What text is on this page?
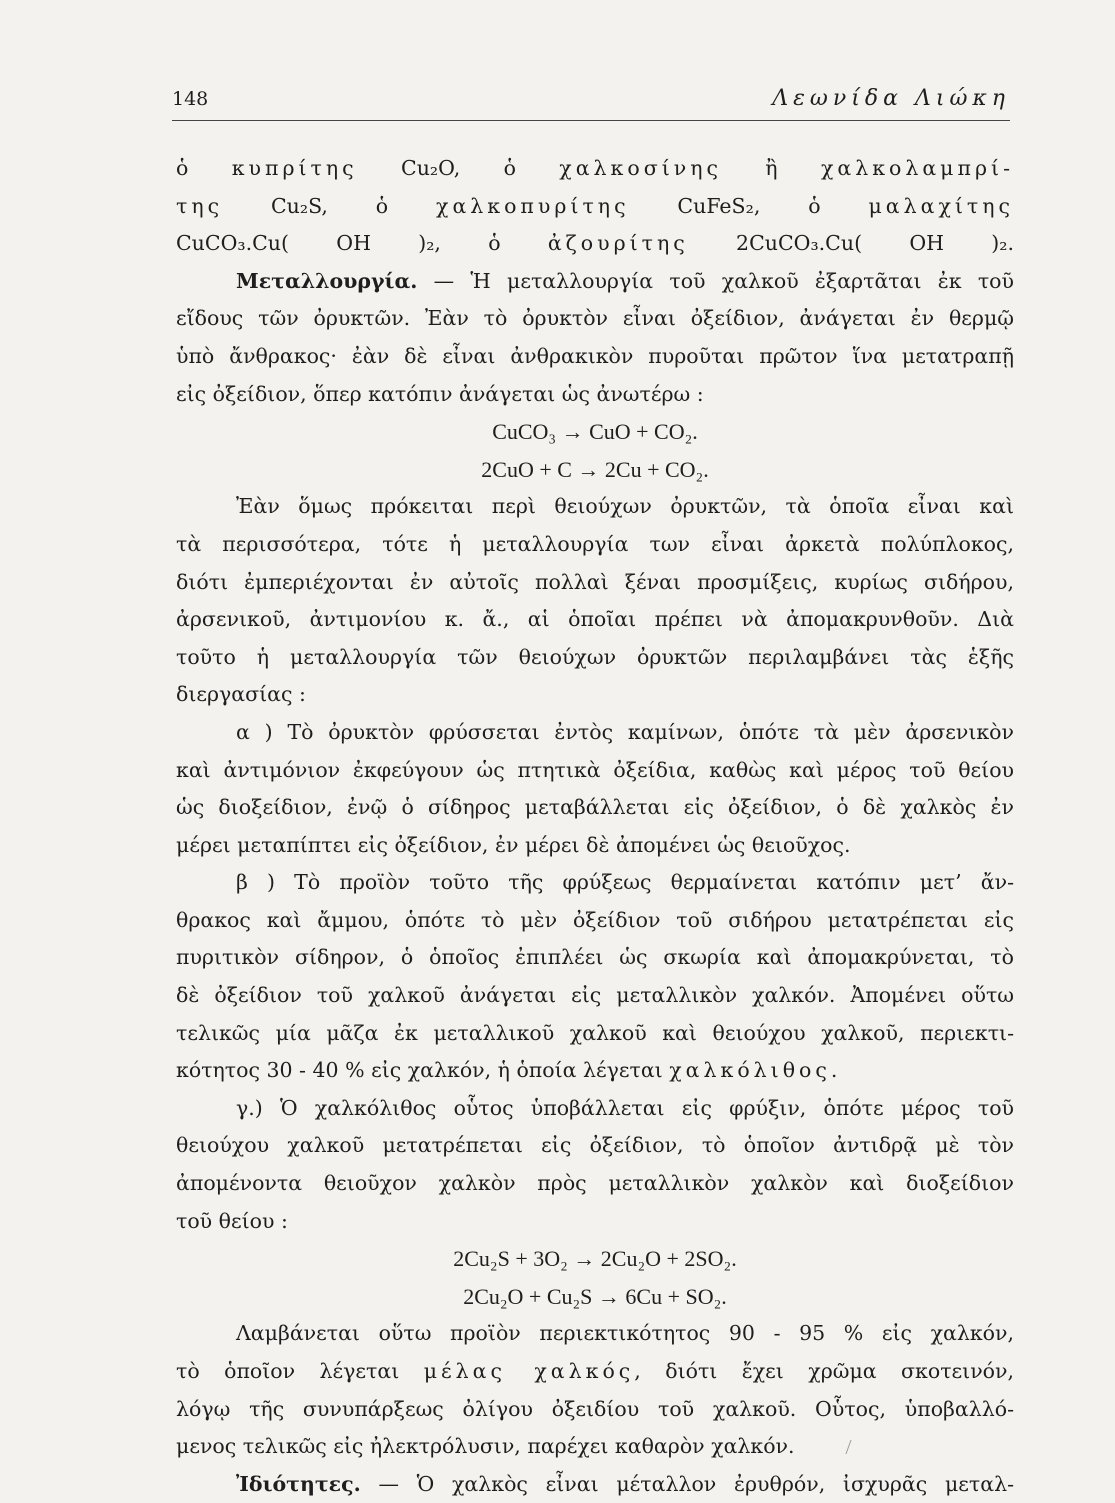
148	Λεωνίδα Λιώκη
ὁ κυπρίτης Cu₂O, ὁ χαλκοσίνης ἢ χαλκολαμπρί-
της Cu₂S, ὁ χαλκοπυρίτης CuFeS₂, ὁ μαλαχίτης
CuCO₃.Cu( OH )₂, ὁ ἀζουρίτης 2CuCO₃.Cu( OH )₂.
Μεταλλουργία. — Ἡ μεταλλουργία τοῦ χαλκοῦ ἐξαρτᾶται ἐκ τοῦ
εἴδους τῶν ὀρυκτῶν. Ἐὰν τὸ ὀρυκτὸν εἶναι ὀξείδιον, ἀνάγεται ἐν θερμῷ
ὑπὸ ἄνθρακος· ἐὰν δὲ εἶναι ἀνθρακικὸν πυροῦται πρῶτον ἵνα μετατραπῇ
εἰς ὀξείδιον, ὅπερ κατόπιν ἀνάγεται ὡς ἀνωτέρω :
CuCO₃ → CuO + CO₂.
2CuO + C → 2Cu + CO₂.
Ἐὰν ὅμως πρόκειται περὶ θειούχων ὀρυκτῶν, τὰ ὁποῖα εἶναι καὶ
τὰ περισσότερα, τότε ἡ μεταλλουργία των εἶναι ἀρκετὰ πολύπλοκος,
διότι ἐμπεριέχονται ἐν αὐτοῖς πολλαὶ ξέναι προσμίξεις, κυρίως σιδήρου,
ἀρσενικοῦ, ἀντιμονίου κ. ἄ., αἱ ὁποῖαι πρέπει νὰ ἀπομακρυνθοῦν. Διὰ
τοῦτο ἡ μεταλλουργία τῶν θειούχων ὀρυκτῶν περιλαμβάνει τὰς ἑξῆς
διεργασίας :
α ) Τὸ ὀρυκτὸν φρύσσεται ἐντὸς καμίνων, ὁπότε τὰ μὲν ἀρσενικὸν
καὶ ἀντιμόνιον ἐκφεύγουν ὡς πτητικὰ ὀξείδια, καθὼς καὶ μέρος τοῦ θείου
ὡς διοξείδιον, ἐνῷ ὁ σίδηρος μεταβάλλεται εἰς ὀξείδιον, ὁ δὲ χαλκὸς ἐν
μέρει μεταπίπτει εἰς ὀξείδιον, ἐν μέρει δὲ ἀπομένει ὡς θειοῦχος.
β ) Τὸ προϊὸν τοῦτο τῆς φρύξεως θερμαίνεται κατόπιν μετ’ ἄν-
θρακος καὶ ἄμμου, ὁπότε τὸ μὲν ὀξείδιον τοῦ σιδήρου μετατρέπεται εἰς
πυριτικὸν σίδηρον, ὁ ὁποῖος ἐπιπλέει ὡς σκωρία καὶ ἀπομακρύνεται, τὸ
δὲ ὀξείδιον τοῦ χαλκοῦ ἀνάγεται εἰς μεταλλικὸν χαλκόν. Ἀπομένει οὕτω
τελικῶς μία μᾶζα ἐκ μεταλλικοῦ χαλκοῦ καὶ θειούχου χαλκοῦ, περιεκτι-
κότητος 30 - 40 % εἰς χαλκόν, ἡ ὁποία λέγεται χαλκόλιθος.
γ.) Ὁ χαλκόλιθος οὗτος ὑποβάλλεται εἰς φρύξιν, ὁπότε μέρος τοῦ
θειούχου χαλκοῦ μετατρέπεται εἰς ὀξείδιον, τὸ ὁποῖον ἀντιδρᾷ μὲ τὸν
ἀπομένοντα θειοῦχον χαλκὸν πρὸς μεταλλικὸν χαλκὸν καὶ διοξείδιον
τοῦ θείου :
2Cu₂S + 3O₂ → 2Cu₂O + 2SO₂.
2Cu₂O + Cu₂S → 6Cu + SO₂.
Λαμβάνεται οὕτω προϊὸν περιεκτικότητος 90 - 95 % εἰς χαλκόν,
τὸ ὁποῖον λέγεται μέλας χαλκός, διότι ἔχει χρῶμα σκοτεινόν,
λόγῳ τῆς συνυπάρξεως ὀλίγου ὀξειδίου τοῦ χαλκοῦ. Οὗτος, ὑποβαλλό-
μενος τελικῶς εἰς ἠλεκτρόλυσιν, παρέχει καθαρὸν χαλκόν.
Ἰδιότητες. — Ὁ χαλκὸς εἶναι μέταλλον ἐρυθρόν, ἰσχυρᾶς μεταλ-
